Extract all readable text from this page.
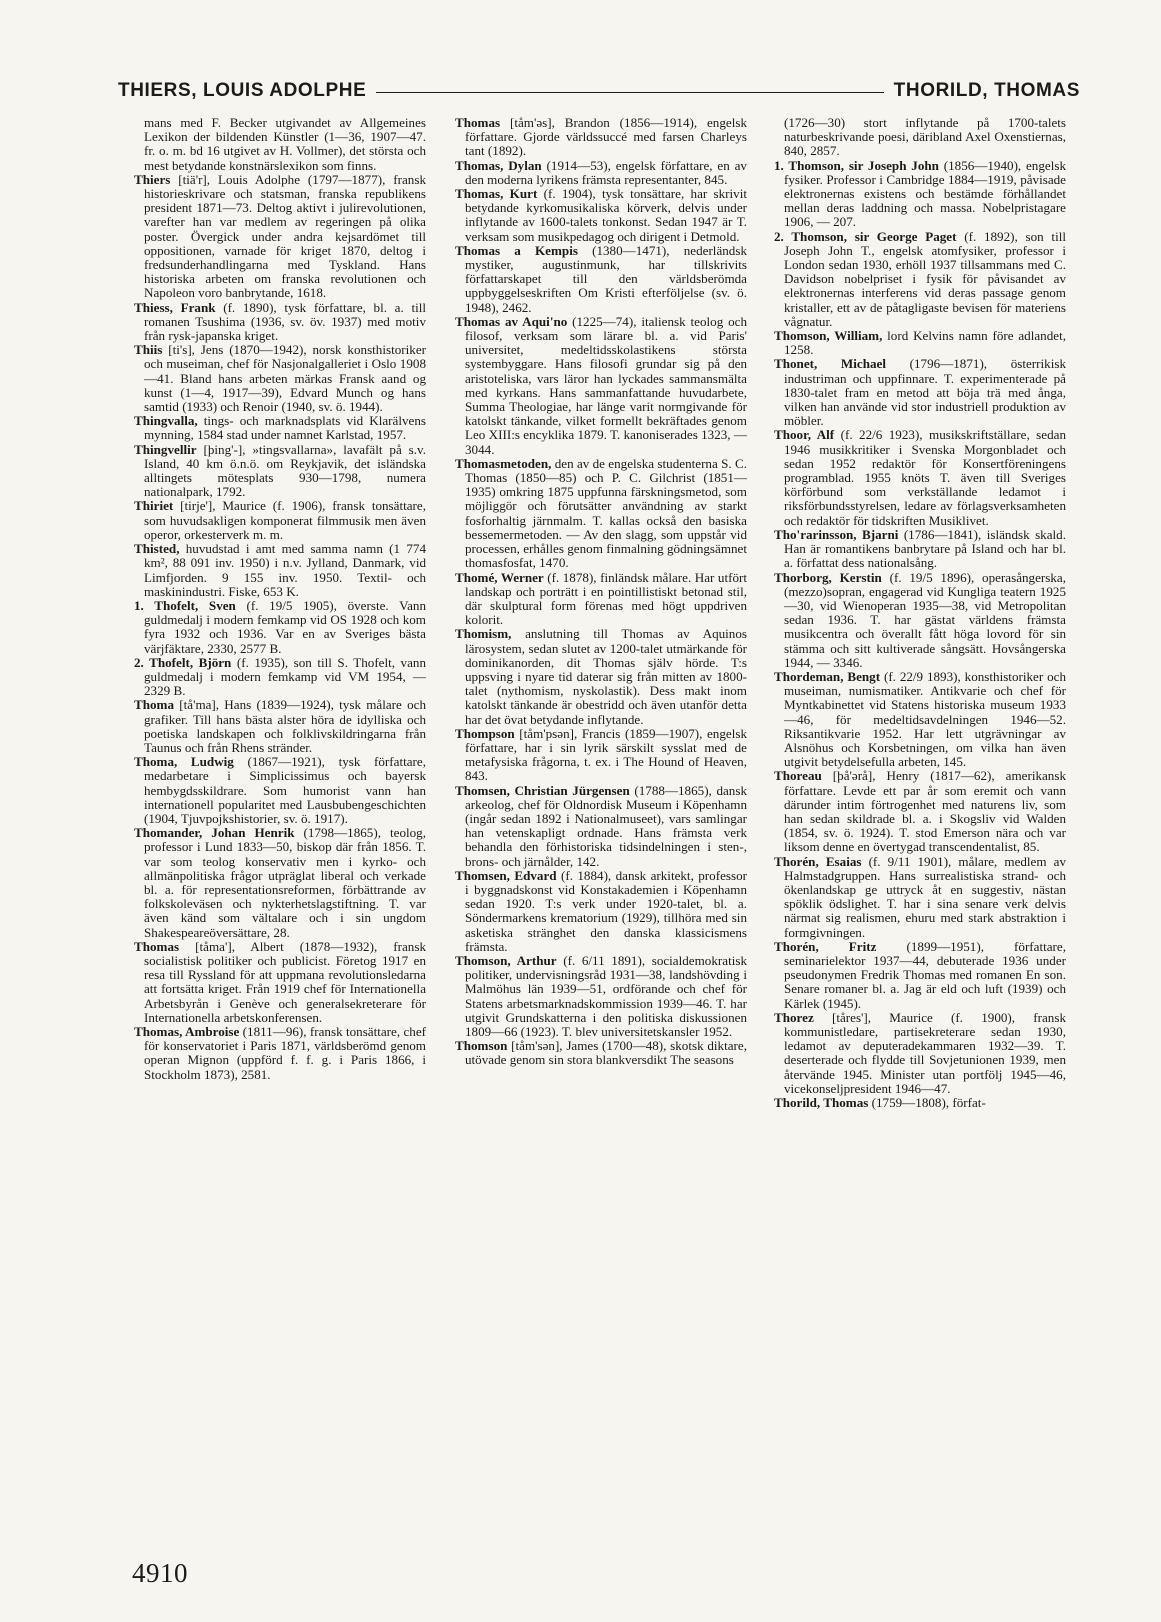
THIERS, LOUIS ADOLPHE	THORILD, THOMAS

mans med F. Becker utgivandet av Allgemeines Lexikon der bildenden Künstler (1—36, 1907—47. fr. o. m. bd 16 utgivet av H. Vollmer), det största och mest betydande konstnärslexikon som finns.

Thiers [tiä'r], Louis Adolphe (1797—1877), fransk historieskrivare och statsman, franska republikens president 1871—73. Deltog aktivt i julirevolutionen, varefter han var medlem av regeringen på olika poster. Övergick under andra kejsardömet till oppositionen, varnade för kriget 1870, deltog i fredsunderhandlingarna med Tyskland. Hans historiska arbeten om franska revolutionen och Napoleon voro banbrytande, 1618.

Thiess, Frank (f. 1890), tysk författare, bl. a. till romanen Tsushima (1936, sv. öv. 1937) med motiv från rysk-japanska kriget.

Thiis [ti's], Jens (1870—1942), norsk konsthistoriker och museiman, chef för Nasjonalgalleriet i Oslo 1908—41. Bland hans arbeten märkas Fransk aand og kunst (1—4, 1917—39), Edvard Munch og hans samtid (1933) och Renoir (1940, sv. ö. 1944).

Thingvalla, tings- och marknadsplats vid Klarälvens mynning, 1584 stad under namnet Karlstad, 1957.

Thingvellir [þing'-], »tingsvallarna», lavafält på s.v. Island, 40 km ö.n.ö. om Reykjavik, det isländska alltingets mötesplats 930—1798, numera nationalpark, 1792.

Thiriet [tirje'], Maurice (f. 1906), fransk tonsättare, som huvudsakligen komponerat filmmusik men även operor, orkesterverk m. m.

Thisted, huvudstad i amt med samma namn (1 774 km², 88 091 inv. 1950) i n.v. Jylland, Danmark, vid Limfjorden. 9 155 inv. 1950. Textil- och maskinindustri. Fiske, 653 K.

1. Thofelt, Sven (f. 19/5 1905), överste. Vann guldmedalj i modern femkamp vid OS 1928 och kom fyra 1932 och 1936. Var en av Sveriges bästa värjfäktare, 2330, 2577 B.

2. Thofelt, Björn (f. 1935), son till S. Thofelt, vann guldmedalj i modern femkamp vid VM 1954, — 2329 B.

Thoma [tå'ma], Hans (1839—1924), tysk målare och grafiker. Till hans bästa alster höra de idylliska och poetiska landskapen och folklivskildringarna från Taunus och från Rhens stränder.

Thoma, Ludwig (1867—1921), tysk författare, medarbetare i Simplicissimus och bayersk hembygdsskildrare. Som humorist vann han internationell popularitet med Lausbubengeschichten (1904, Tjuvpojkshistorier, sv. ö. 1917).

Thomander, Johan Henrik (1798—1865), teolog, professor i Lund 1833—50, biskop där från 1856. T. var som teolog konservativ men i kyrko- och allmänpolitiska frågor utpräglat liberal och verkade bl. a. för representationsreformen, förbättrande av folkskoleväsen och nykterhetslagstiftning. T. var även känd som vältalare och i sin ungdom Shakespeareöversättare, 28.

Thomas [tåma'], Albert (1878—1932), fransk socialistisk politiker och publicist. Företog 1917 en resa till Ryssland för att uppmana revolutionsledarna att fortsätta kriget. Från 1919 chef för Internationella Arbetsbyrån i Genève och generalsekreterare för Internationella arbetskonferensen.

Thomas, Ambroise (1811—96), fransk tonsättare, chef för konservatoriet i Paris 1871, världsberömd genom operan Mignon (uppförd f. f. g. i Paris 1866, i Stockholm 1873), 2581.

Thomas [tåm'əs], Brandon (1856—1914), engelsk författare. Gjorde världssuccé med farsen Charleys tant (1892).

Thomas, Dylan (1914—53), engelsk författare, en av den moderna lyrikens främsta representanter, 845.

Thomas, Kurt (f. 1904), tysk tonsättare, har skrivit betydande kyrkomusikaliska körverk, delvis under inflytande av 1600-talets tonkonst. Sedan 1947 är T. verksam som musikpedagog och dirigent i Detmold.

Thomas a Kempis (1380—1471), nederländsk mystiker, augustinmunk, har tillskrivits författarskapet till den världsberömda uppbyggelseskriften Om Kristi efterföljelse (sv. ö. 1948), 2462.

Thomas av Aqui'no (1225—74), italiensk teolog och filosof, verksam som lärare bl. a. vid Paris' universitet, medeltidsskolastikens största systembyggare. Hans filosofi grundar sig på den aristoteliska, vars läror han lyckades sammansmälta med kyrkans. Hans sammanfattande huvudarbete, Summa Theologiae, har länge varit normgivande för katolskt tänkande, vilket formellt bekräftades genom Leo XIII:s encyklika 1879. T. kanoniserades 1323, — 3044.

Thomasmetoden, den av de engelska studenterna S. C. Thomas (1850—85) och P. C. Gilchrist (1851—1935) omkring 1875 uppfunna färskningsmetod, som möjliggör och förutsätter användning av starkt fosforhaltig järnmalm. T. kallas också den basiska bessemermetoden. — Av den slagg, som uppstår vid processen, erhålles genom finmalning gödningsämnet thomasfosfat, 1470.

Thomé, Werner (f. 1878), finländsk målare. Har utfört landskap och porträtt i en pointillistiskt betonad stil, där skulptural form förenas med högt uppdriven kolorit.

Thomism, anslutning till Thomas av Aquinos lärosystem, sedan slutet av 1200-talet utmärkande för dominikanorden, dit Thomas själv hörde. T:s uppsving i nyare tid daterar sig från mitten av 1800-talet (nythomism, nyskolastik). Dess makt inom katolskt tänkande är obestridd och även utanför detta har det övat betydande inflytande.

Thompson [tåm'psən], Francis (1859—1907), engelsk författare, har i sin lyrik särskilt sysslat med de metafysiska frågorna, t. ex. i The Hound of Heaven, 843.

Thomsen, Christian Jürgensen (1788—1865), dansk arkeolog, chef för Oldnordisk Museum i Köpenhamn (ingår sedan 1892 i Nationalmuseet), vars samlingar han vetenskapligt ordnade. Hans främsta verk behandla den förhistoriska tidsindelningen i sten-, brons- och järnålder, 142.

Thomsen, Edvard (f. 1884), dansk arkitekt, professor i byggnadskonst vid Konstakademien i Köpenhamn sedan 1920. T:s verk under 1920-talet, bl. a. Söndermarkens krematorium (1929), tillhöra med sin asketiska stränghet den danska klassicismens främsta.

Thomson, Arthur (f. 6/11 1891), socialdemokratisk politiker, undervisningsråd 1931—38, landshövding i Malmöhus län 1939—51, ordförande och chef för Statens arbetsmarknadskommission 1939—46. T. har utgivit Grundskatterna i den politiska diskussionen 1809—66 (1923). T. blev universitetskansler 1952.

Thomson [tåm'sən], James (1700—48), skotsk diktare, utövade genom sin stora blankversdikt The seasons

(1726—30) stort inflytande på 1700-talets naturbeskrivande poesi, däribland Axel Oxenstiernas, 840, 2857.

1. Thomson, sir Joseph John (1856—1940), engelsk fysiker. Professor i Cambridge 1884—1919, påvisade elektronernas existens och bestämde förhållandet mellan deras laddning och massa. Nobelpristagare 1906, — 207.

2. Thomson, sir George Paget (f. 1892), son till Joseph John T., engelsk atomfysiker, professor i London sedan 1930, erhöll 1937 tillsammans med C. Davidson nobelpriset i fysik för påvisandet av elektronernas interferens vid deras passage genom kristaller, ett av de påtagligaste bevisen för materiens vågnatur.

Thomson, William, lord Kelvins namn före adlandet, 1258.

Thonet, Michael (1796—1871), österrikisk industriman och uppfinnare. T. experimenterade på 1830-talet fram en metod att böja trä med ånga, vilken han använde vid stor industriell produktion av möbler.

Thoor, Alf (f. 22/6 1923), musikskriftställare, sedan 1946 musikkritiker i Svenska Morgonbladet och sedan 1952 redaktör för Konsertföreningens programblad. 1955 knöts T. även till Sveriges körförbund som verkställande ledamot i riksförbundsstyrelsen, ledare av förlagsverksamheten och redaktör för tidskriften Musiklivet.

Tho'rarinsson, Bjarni (1786—1841), isländsk skald. Han är romantikens banbrytare på Island och har bl. a. författat dess nationalsång.

Thorborg, Kerstin (f. 19/5 1896), operasångerska, (mezzo)sopran, engagerad vid Kungliga teatern 1925—30, vid Wienoperan 1935—38, vid Metropolitan sedan 1936. T. har gästat världens främsta musikcentra och överallt fått höga lovord för sin stämma och sitt kultiverade sångsätt. Hovsångerska 1944, — 3346.

Thordeman, Bengt (f. 22/9 1893), konsthistoriker och museiman, numismatiker. Antikvarie och chef för Myntkabinettet vid Statens historiska museum 1933—46, för medeltidsavdelningen 1946—52. Riksantikvarie 1952. Har lett utgrävningar av Alsnöhus och Korsbetningen, om vilka han även utgivit betydelsefulla arbeten, 145.

Thoreau [þå'ərå], Henry (1817—62), amerikansk författare. Levde ett par år som eremit och vann därunder intim förtrogenhet med naturens liv, som han sedan skildrade bl. a. i Skogsliv vid Walden (1854, sv. ö. 1924). T. stod Emerson nära och var liksom denne en övertygad transcendentalist, 85.

Thorén, Esaias (f. 9/11 1901), målare, medlem av Halmstadgruppen. Hans surrealistiska strand- och ökenlandskap ge uttryck åt en suggestiv, nästan spöklik ödslighet. T. har i sina senare verk delvis närmat sig realismen, ehuru med stark abstraktion i formgivningen.

Thorén, Fritz (1899—1951), författare, seminarielektor 1937—44, debuterade 1936 under pseudonymen Fredrik Thomas med romanen En son. Senare romaner bl. a. Jag är eld och luft (1939) och Kärlek (1945).

Thorez [tåres'], Maurice (f. 1900), fransk kommunistledare, partisekreterare sedan 1930, ledamot av deputeradekammaren 1932—39. T. deserterade och flydde till Sovjetunionen 1939, men återvände 1945. Minister utan portfölj 1945—46, vicekonseljpresident 1946—47.

Thorild, Thomas (1759—1808), förfat-

4910
